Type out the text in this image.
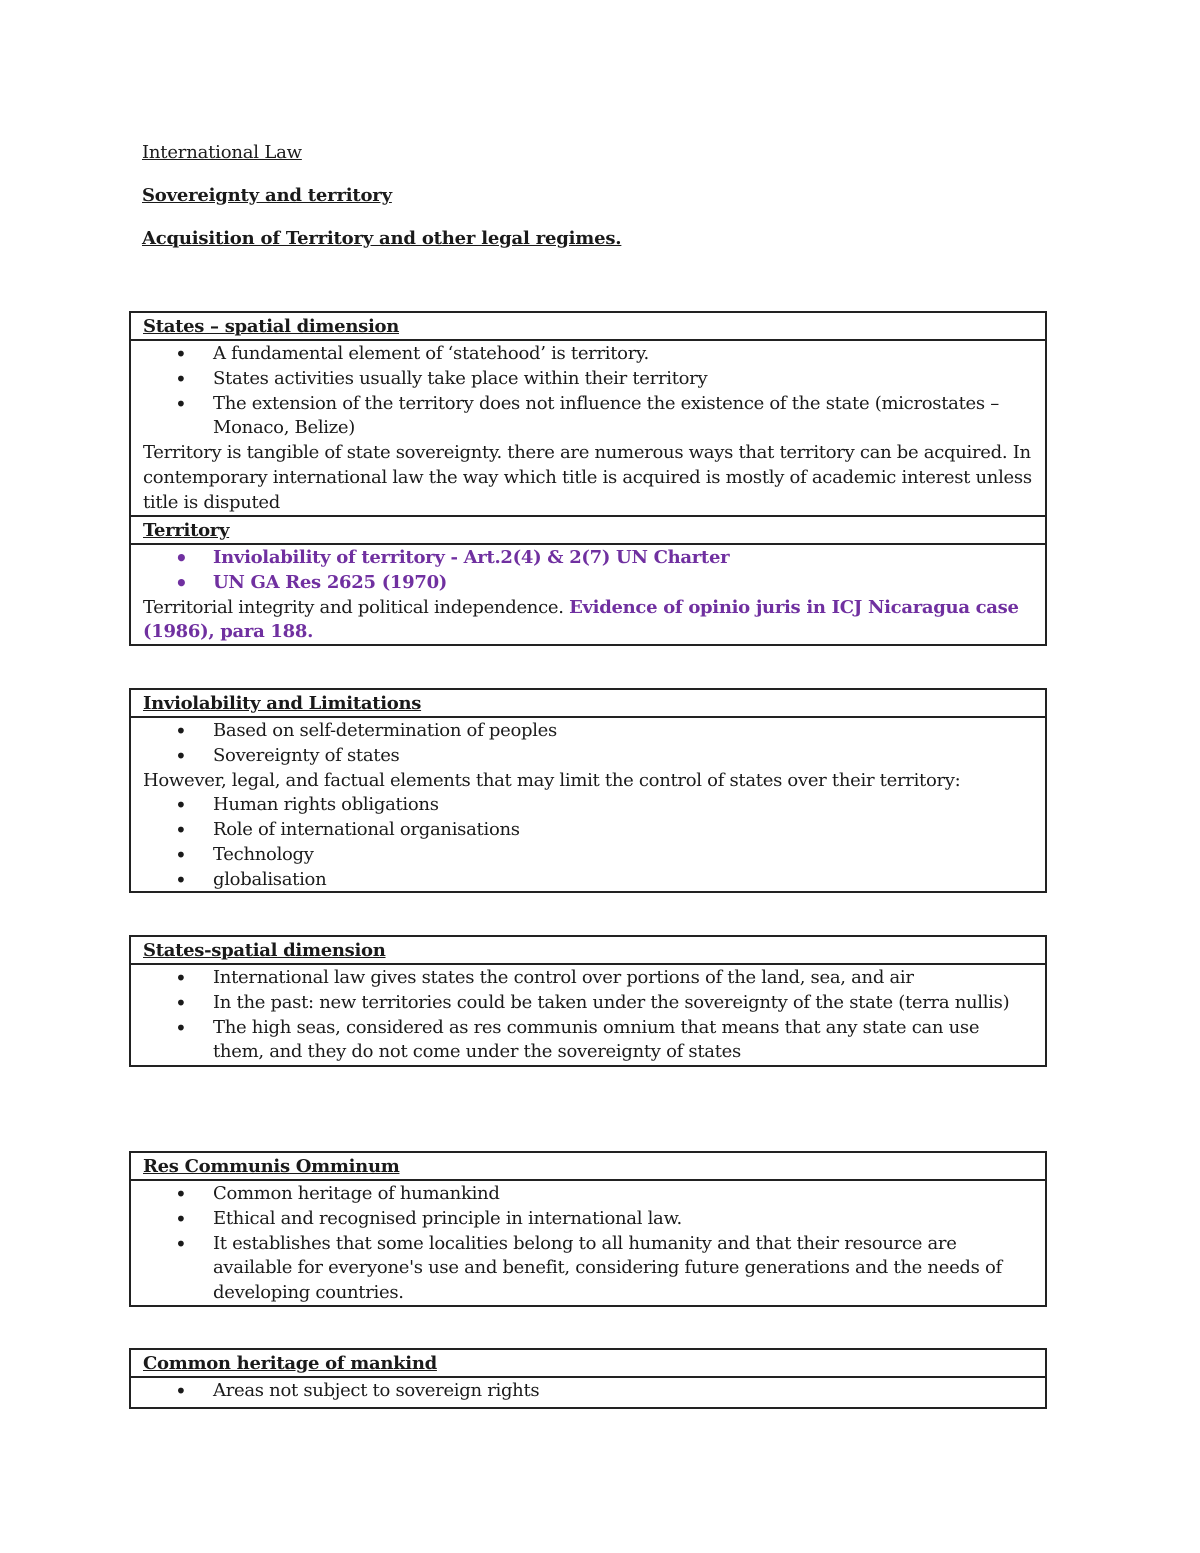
International Law
Sovereignty and territory
Acquisition of Territory and other legal regimes.
States – spatial dimension
• A fundamental element of ‘statehood’ is territory.
• States activities usually take place within their territory
• The extension of the territory does not influence the existence of the state (microstates – Monaco, Belize)

Territory is tangible of state sovereignty. there are numerous ways that territory can be acquired. In contemporary international law the way which title is acquired is mostly of academic interest unless title is disputed

Territory
• Inviolability of territory - Art.2(4) & 2(7) UN Charter
• UN GA Res 2625 (1970)

Territorial integrity and political independence. Evidence of opinio juris in ICJ Nicaragua case (1986), para 188.

Inviolability and Limitations
• Based on self-determination of peoples
• Sovereignty of states

However, legal, and factual elements that may limit the control of states over their territory:

• Human rights obligations
• Role of international organisations
• Technology
• globalisation
States-spatial dimension
• International law gives states the control over portions of the land, sea, and air
• In the past: new territories could be taken under the sovereignty of the state (terra nullis)
• The high seas, considered as res communis omnium that means that any state can use them, and they do not come under the sovereignty of states
Res Communis Omminum
• Common heritage of humankind
• Ethical and recognised principle in international law.
• It establishes that some localities belong to all humanity and that their resource are available for everyone's use and benefit, considering future generations and the needs of developing countries.
Common heritage of mankind
• Areas not subject to sovereign rights
